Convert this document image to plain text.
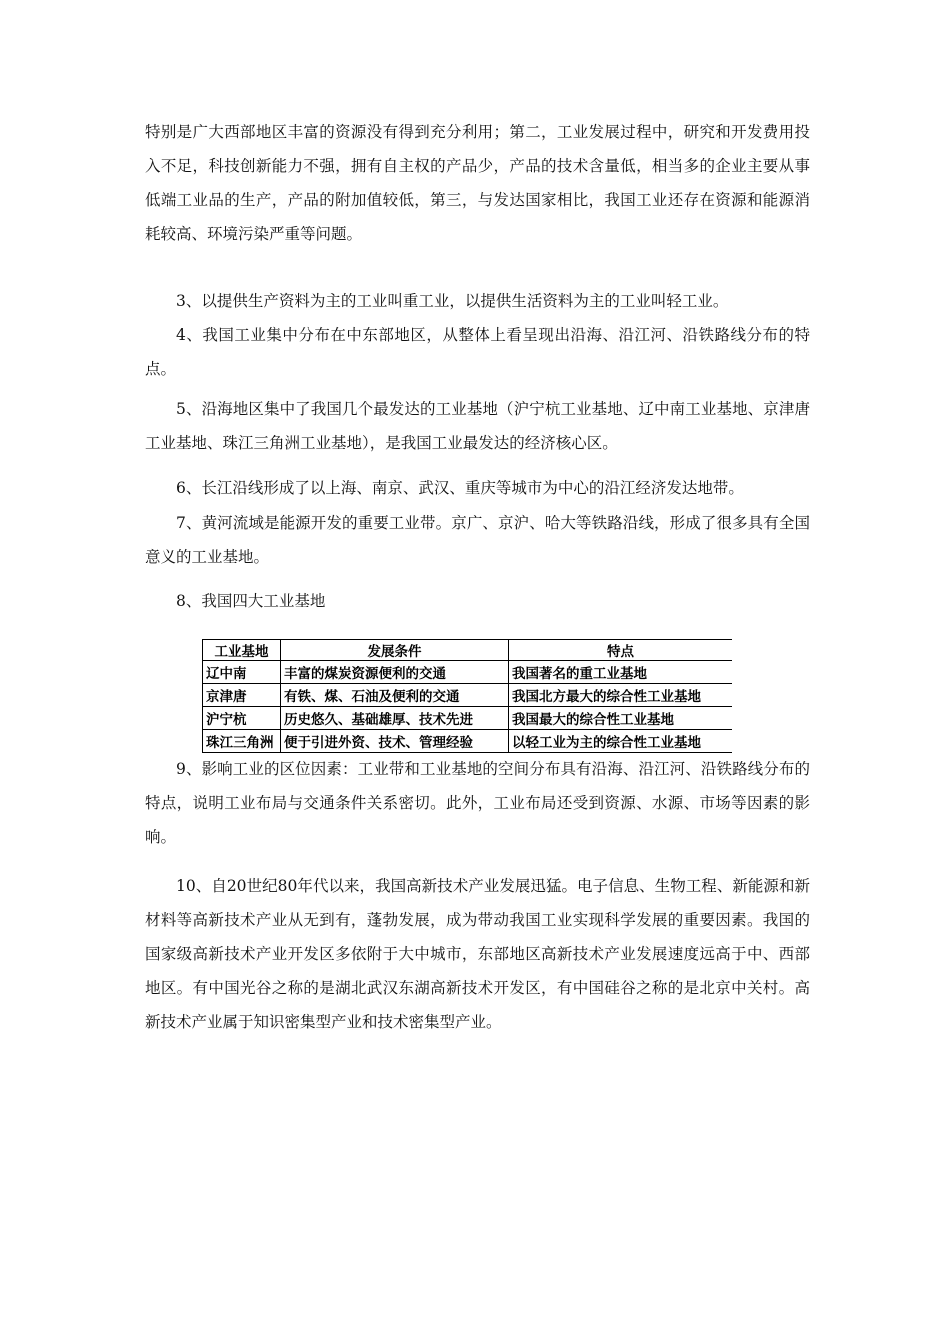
特别是广大西部地区丰富的资源没有得到充分利用；第二，工业发展过程中，研究和开发费用投入不足，科技创新能力不强，拥有自主权的产品少，产品的技术含量低，相当多的企业主要从事低端工业品的生产，产品的附加值较低，第三，与发达国家相比，我国工业还存在资源和能源消耗较高、环境污染严重等问题。

3、以提供生产资料为主的工业叫重工业，以提供生活资料为主的工业叫轻工业。

4、我国工业集中分布在中东部地区，从整体上看呈现出沿海、沿江河、沿铁路线分布的特点。

5、沿海地区集中了我国几个最发达的工业基地（沪宁杭工业基地、辽中南工业基地、京津唐工业基地、珠江三角洲工业基地），是我国工业最发达的经济核心区。

6、长江沿线形成了以上海、南京、武汉、重庆等城市为中心的沿江经济发达地带。

7、黄河流域是能源开发的重要工业带。京广、京沪、哈大等铁路沿线，形成了很多具有全国意义的工业基地。

8、我国四大工业基地

9、影响工业的区位因素：工业带和工业基地的空间分布具有沿海、沿江河、沿铁路线分布的特点，说明工业布局与交通条件关系密切。此外，工业布局还受到资源、水源、市场等因素的影响。

工业基地	发展条件	特点
辽中南	丰富的煤炭资源便利的交通	我国著名的重工业基地
京津唐	有铁、煤、石油及便利的交通	我国北方最大的综合性工业基地
沪宁杭	历史悠久、基础雄厚、技术先进	我国最大的综合性工业基地
珠江三角洲	便于引进外资、技术、管理经验	以轻工业为主的综合性工业基地

10、自20世纪80年代以来，我国高新技术产业发展迅猛。电子信息、生物工程、新能源和新材料等高新技术产业从无到有，蓬勃发展，成为带动我国工业实现科学发展的重要因素。我国的国家级高新技术产业开发区多依附于大中城市，东部地区高新技术产业发展速度远高于中、西部地区。有中国光谷之称的是湖北武汉东湖高新技术开发区，有中国硅谷之称的是北京中关村。高新技术产业属于知识密集型产业和技术密集型产业。
